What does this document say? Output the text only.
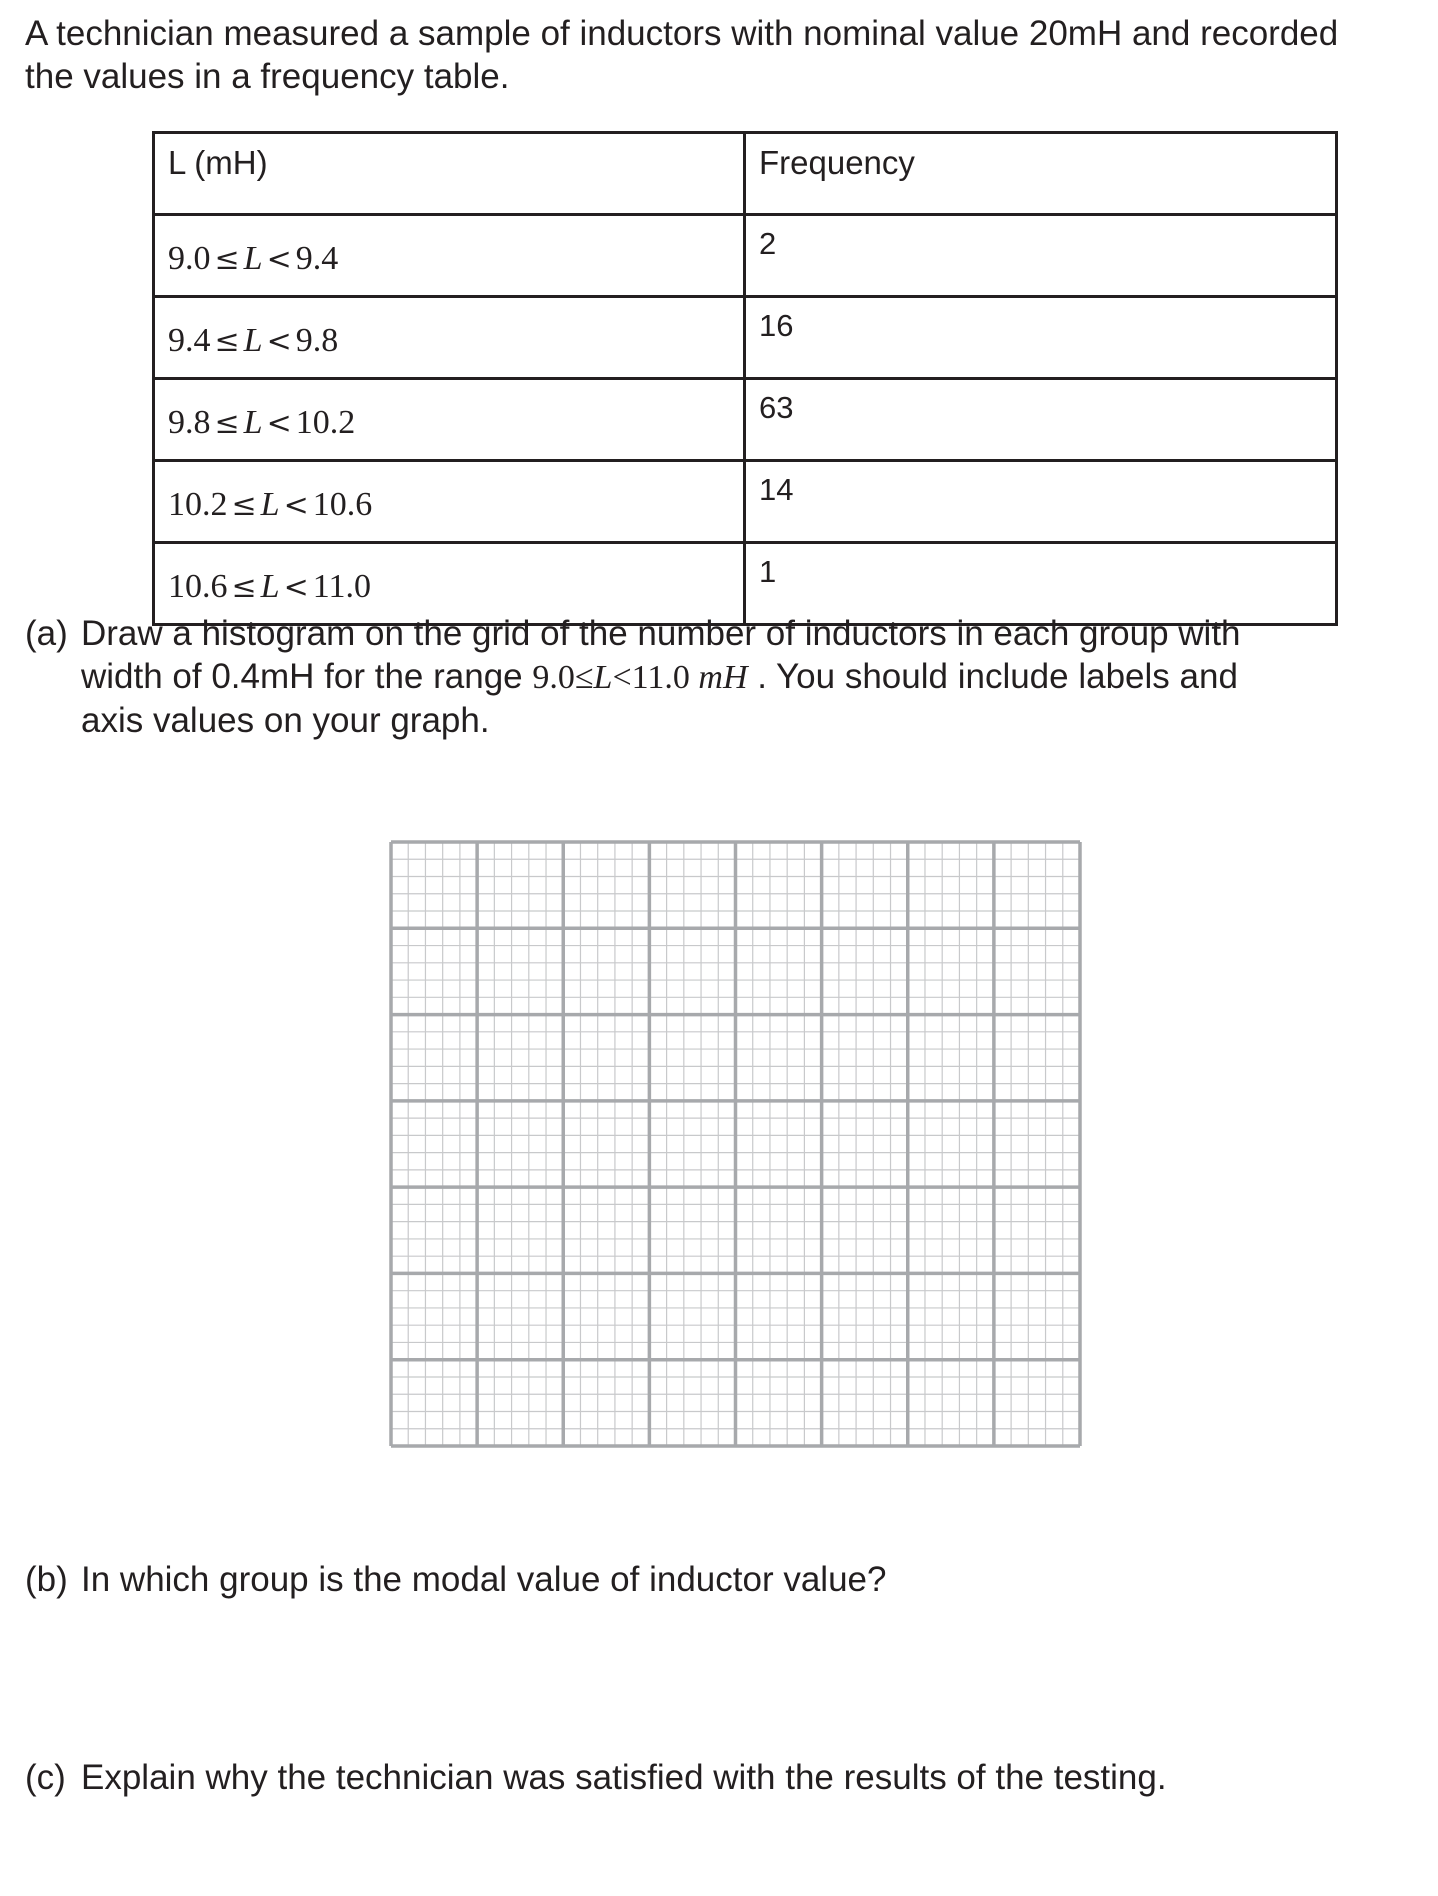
A technician measured a sample of inductors with nominal value 20mH and recorded the values in a frequency table.

L (mH)	Frequency
9.0 ≤ L < 9.4	2
9.4 ≤ L < 9.8	16
9.8 ≤ L < 10.2	63
10.2 ≤ L < 10.6	14
10.6 ≤ L < 11.0	1

(a) Draw a histogram on the grid of the number of inductors in each group with
width of 0.4mH for the range 9.0≤L<11.0 mH . You should include labels and
axis values on your graph.

(b) In which group is the modal value of inductor value?

(c) Explain why the technician was satisfied with the results of the testing.
